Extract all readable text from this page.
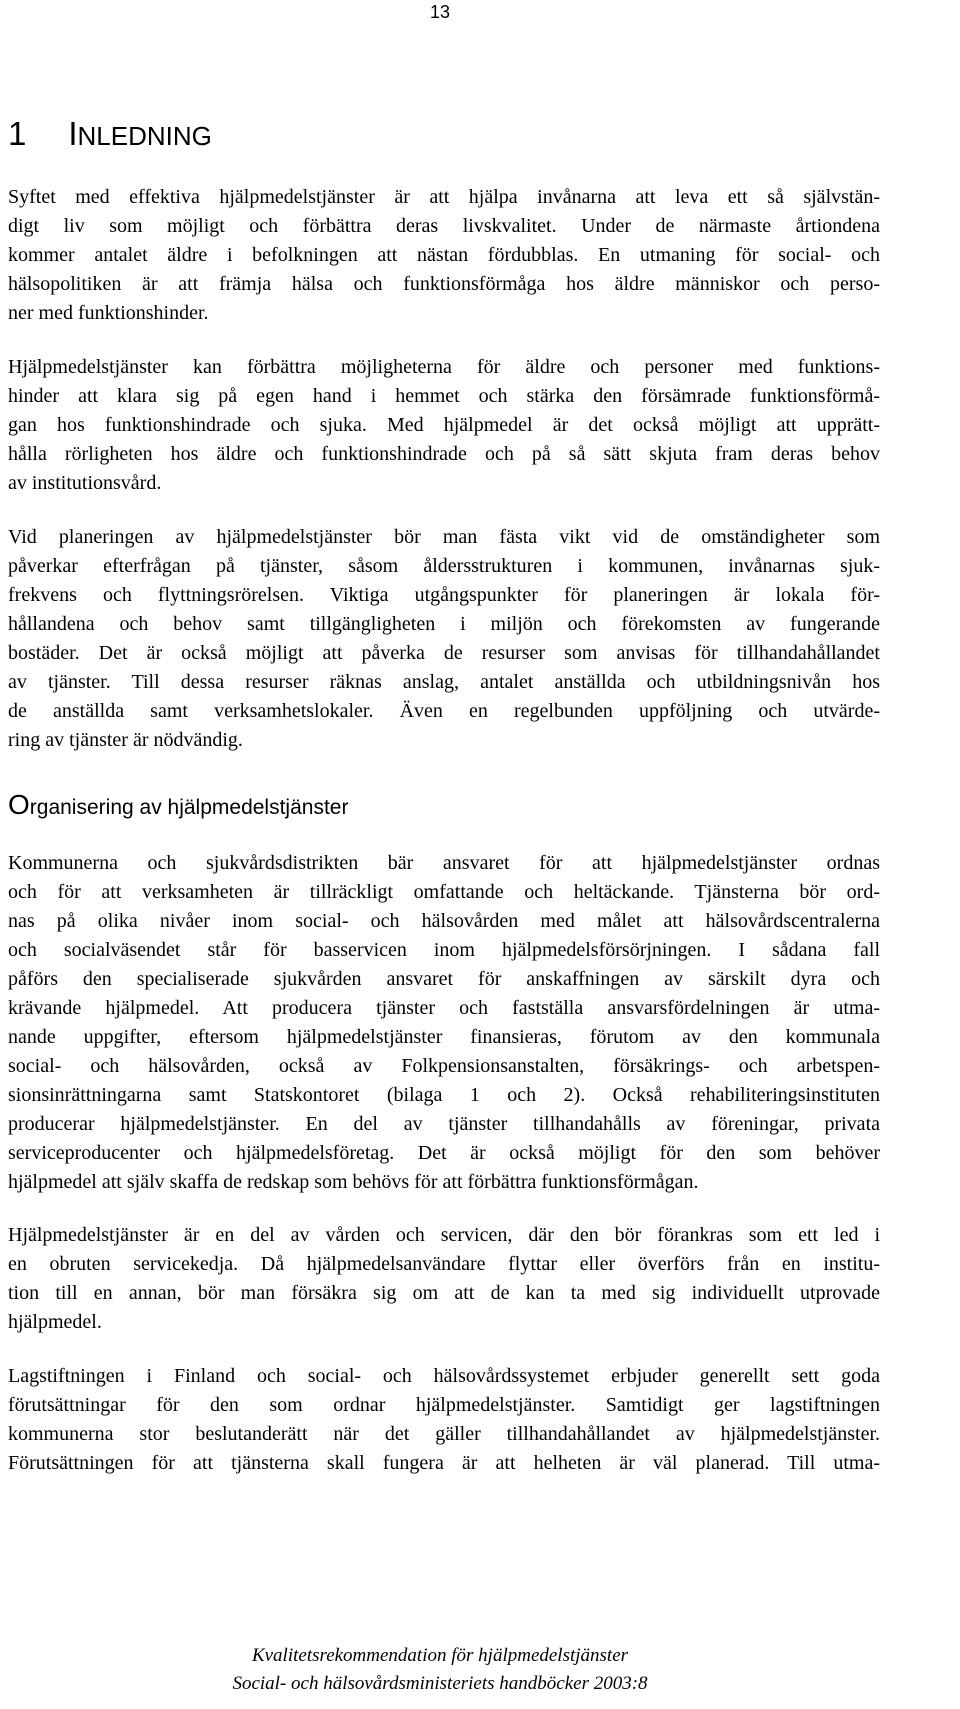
13
1 INLEDNING
Syftet med effektiva hjälpmedelstjänster är att hjälpa invånarna att leva ett så självstän-
digt liv som möjligt och förbättra deras livskvalitet. Under de närmaste årtiondena
kommer antalet äldre i befolkningen att nästan fördubblas. En utmaning för social- och
hälsopolitiken är att främja hälsa och funktionsförmåga hos äldre människor och perso-
ner med funktionshinder.
Hjälpmedelstjänster kan förbättra möjligheterna för äldre och personer med funktions-
hinder att klara sig på egen hand i hemmet och stärka den försämrade funktionsförmå-
gan hos funktionshindrade och sjuka. Med hjälpmedel är det också möjligt att upprätt-
hålla rörligheten hos äldre och funktionshindrade och på så sätt skjuta fram deras behov
av institutionsvård.
Vid planeringen av hjälpmedelstjänster bör man fästa vikt vid de omständigheter som
påverkar efterfrågan på tjänster, såsom åldersstrukturen i kommunen, invånarnas sjuk-
frekvens och flyttningsrörelsen. Viktiga utgångspunkter för planeringen är lokala för-
hållandena och behov samt tillgängligheten i miljön och förekomsten av fungerande
bostäder. Det är också möjligt att påverka de resurser som anvisas för tillhandahållandet
av tjänster. Till dessa resurser räknas anslag, antalet anställda och utbildningsnivån hos
de anställda samt verksamhetslokaler. Även en regelbunden uppföljning och utvärde-
ring av tjänster är nödvändig.
Organisering av hjälpmedelstjänster
Kommunerna och sjukvårdsdistrikten bär ansvaret för att hjälpmedelstjänster ordnas
och för att verksamheten är tillräckligt omfattande och heltäckande. Tjänsterna bör ord-
nas på olika nivåer inom social- och hälsovården med målet att hälsovårdscentralerna
och socialväsendet står för basservicen inom hjälpmedelsförsörjningen. I sådana fall
påförs den specialiserade sjukvården ansvaret för anskaffningen av särskilt dyra och
krävande hjälpmedel. Att producera tjänster och fastställa ansvarsfördelningen är utma-
nande uppgifter, eftersom hjälpmedelstjänster finansieras, förutom av den kommunala
social- och hälsovården, också av Folkpensionsanstalten, försäkrings- och arbetspen-
sionsinrättningarna samt Statskontoret (bilaga 1 och 2). Också rehabiliteringsinstituten
producerar hjälpmedelstjänster. En del av tjänster tillhandahålls av föreningar, privata
serviceproducenter och hjälpmedelsföretag. Det är också möjligt för den som behöver
hjälpmedel att själv skaffa de redskap som behövs för att förbättra funktionsförmågan.
Hjälpmedelstjänster är en del av vården och servicen, där den bör förankras som ett led i
en obruten servicekedja. Då hjälpmedelsanvändare flyttar eller överförs från en institu-
tion till en annan, bör man försäkra sig om att de kan ta med sig individuellt utprovade
hjälpmedel.
Lagstiftningen i Finland och social- och hälsovårdssystemet erbjuder generellt sett goda
förutsättningar för den som ordnar hjälpmedelstjänster. Samtidigt ger lagstiftningen
kommunerna stor beslutanderätt när det gäller tillhandahållandet av hjälpmedelstjänster.
Förutsättningen för att tjänsterna skall fungera är att helheten är väl planerad. Till utma-
Kvalitetsrekommendation för hjälpmedelstjänster
Social- och hälsovårdsministeriets handböcker 2003:8
